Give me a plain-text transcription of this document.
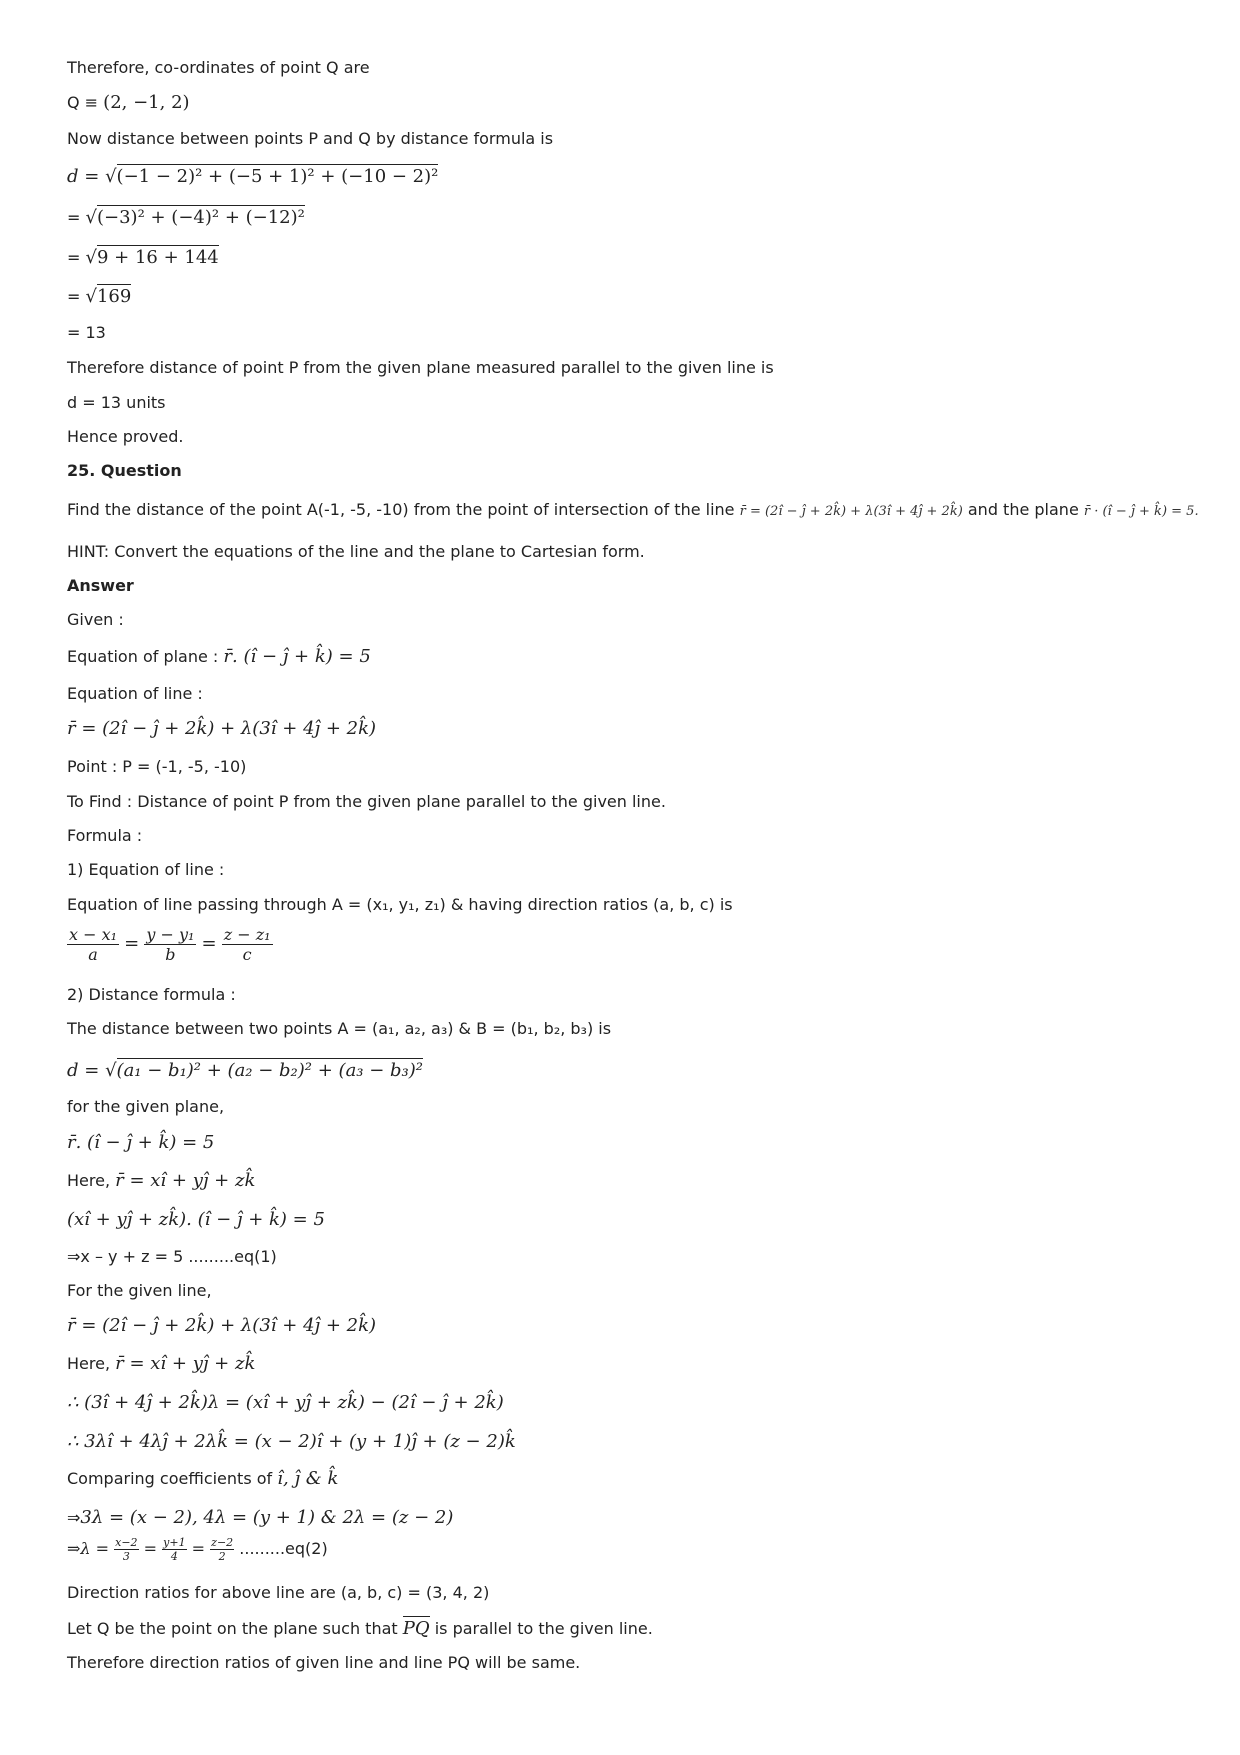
Therefore, co-ordinates of point Q are
Q ≡ (2, −1, 2)
Now distance between points P and Q by distance formula is
d = √(−1 − 2)² + (−5 + 1)² + (−10 − 2)²
= √(−3)² + (−4)² + (−12)²
= √9 + 16 + 144
= √169
= 13
Therefore distance of point P from the given plane measured parallel to the given line is
d = 13 units
Hence proved.
25. Question
Find the distance of the point A(-1, -5, -10) from the point of intersection of the line r̄ = (2î − ĵ + 2k̂) + λ(3î + 4ĵ + 2k̂) and the plane r̄ · (î − ĵ + k̂) = 5.
HINT: Convert the equations of the line and the plane to Cartesian form.
Answer
Given :
Equation of plane : r̄. (î − ĵ + k̂) = 5
Equation of line :
r̄ = (2î − ĵ + 2k̂) + λ(3î + 4ĵ + 2k̂)
Point : P = (-1, -5, -10)
To Find : Distance of point P from the given plane parallel to the given line.
Formula :
1) Equation of line :
Equation of line passing through A = (x₁, y₁, z₁) & having direction ratios (a, b, c) is
$\frac{\text{x − x₁}}{a} = \frac{\text{y − y₁}}{b} = \frac{\text{z − z₁}}{c}$
2) Distance formula :
The distance between two points A = (a₁, a₂, a₃) & B = (b₁, b₂, b₃) is
d = √(a₁ − b₁)² + (a₂ − b₂)² + (a₃ − b₃)²
for the given plane,
r̄. (î − ĵ + k̂) = 5
Here, r̄ = xî + yĵ + zk̂
(xî + yĵ + zk̂). (î − ĵ + k̂) = 5
⇒x – y + z = 5 .........eq(1)
For the given line,
r̄ = (2î − ĵ + 2k̂) + λ(3î + 4ĵ + 2k̂)
Here, r̄ = xî + yĵ + zk̂
∴ (3î + 4ĵ + 2k̂)λ = (xî + yĵ + zk̂) − (2î − ĵ + 2k̂)
∴ 3λî + 4λĵ + 2λk̂ = (x − 2)î + (y + 1)ĵ + (z − 2)k̂
Comparing coefficients of î, ĵ & k̂
⇒3λ = (x − 2), 4λ = (y + 1) & 2λ = (z − 2)
⇒λ = $\frac{x-2}{3} = \frac{y+1}{4} = \frac{z-2}{2} .........eq(2)$
Direction ratios for above line are (a, b, c) = (3, 4, 2)
Let Q be the point on the plane such that PQ is parallel to the given line.
Therefore direction ratios of given line and line PQ will be same.
